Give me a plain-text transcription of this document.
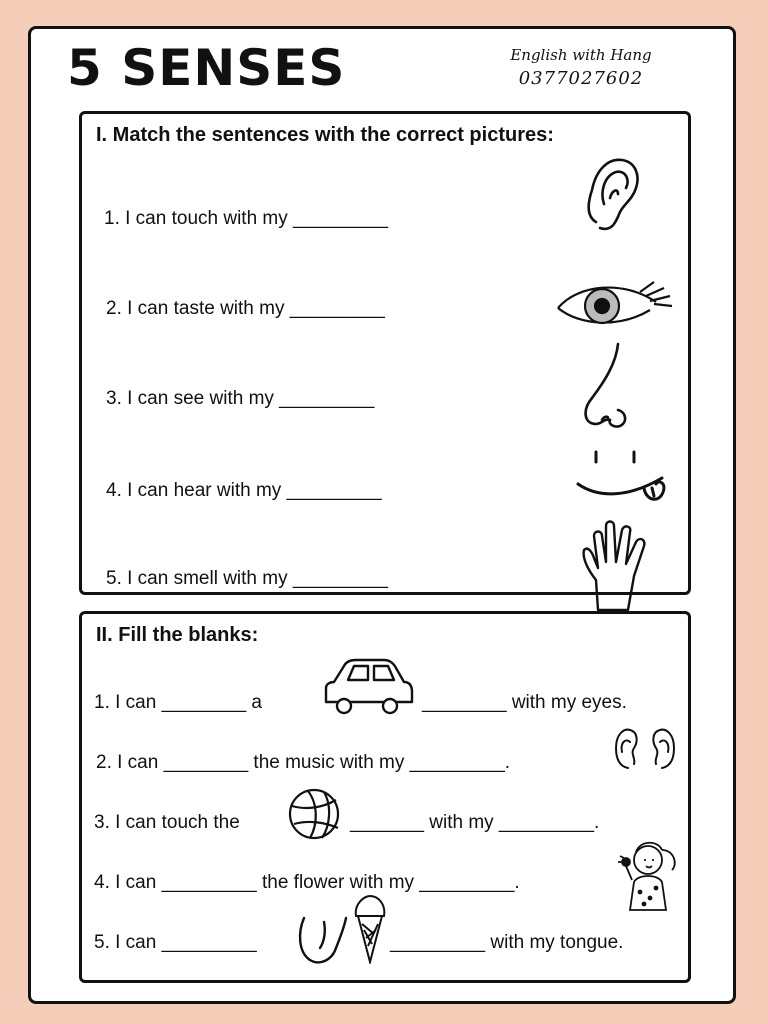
5 SENSES	English with Hang
0377027602
I. Match the sentences with the correct pictures:
1. I can touch with my _________
2. I can taste with my _________
3. I can see with my _________
4. I can hear with my _________
5. I can smell with my _________
II. Fill the blanks:
1. I can ________ a	________ with my eyes.
2. I can ________ the music with my _________.
3. I can touch the	_______ with my _________.
4. I can _________ the flower with my _________.
5. I can _________	_________ with my tongue.
